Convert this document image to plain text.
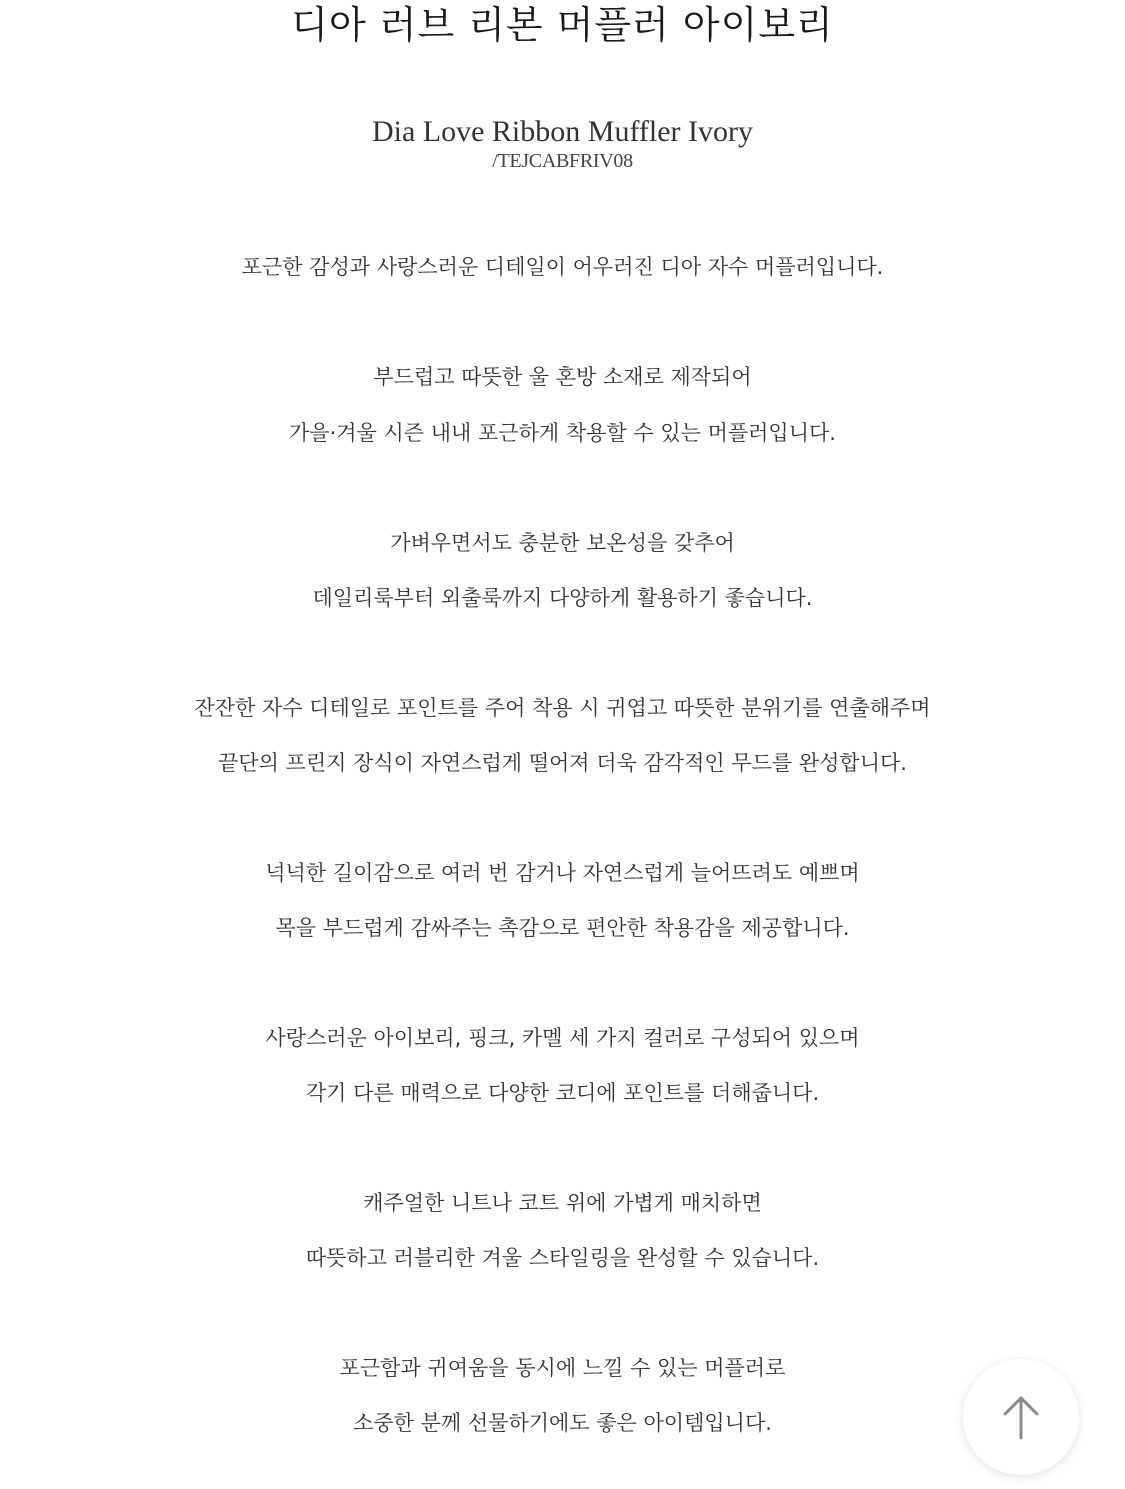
디아 러브 리본 머플러 아이보리
Dia Love Ribbon Muffler Ivory
/TEJCABFRIV08
포근한 감성과 사랑스러운 디테일이 어우러진 디아 자수 머플러입니다.
부드럽고 따뜻한 울 혼방 소재로 제작되어
가을·겨울 시즌 내내 포근하게 착용할 수 있는 머플러입니다.
가벼우면서도 충분한 보온성을 갖추어
데일리룩부터 외출룩까지 다양하게 활용하기 좋습니다.
잔잔한 자수 디테일로 포인트를 주어 착용 시 귀엽고 따뜻한 분위기를 연출해주며
끝단의 프린지 장식이 자연스럽게 떨어져 더욱 감각적인 무드를 완성합니다.
넉넉한 길이감으로 여러 번 감거나 자연스럽게 늘어뜨려도 예쁘며
목을 부드럽게 감싸주는 촉감으로 편안한 착용감을 제공합니다.
사랑스러운 아이보리, 핑크, 카멜 세 가지 컬러로 구성되어 있으며
각기 다른 매력으로 다양한 코디에 포인트를 더해줍니다.
캐주얼한 니트나 코트 위에 가볍게 매치하면
따뜻하고 러블리한 겨울 스타일링을 완성할 수 있습니다.
포근함과 귀여움을 동시에 느낄 수 있는 머플러로
소중한 분께 선물하기에도 좋은 아이템입니다.
